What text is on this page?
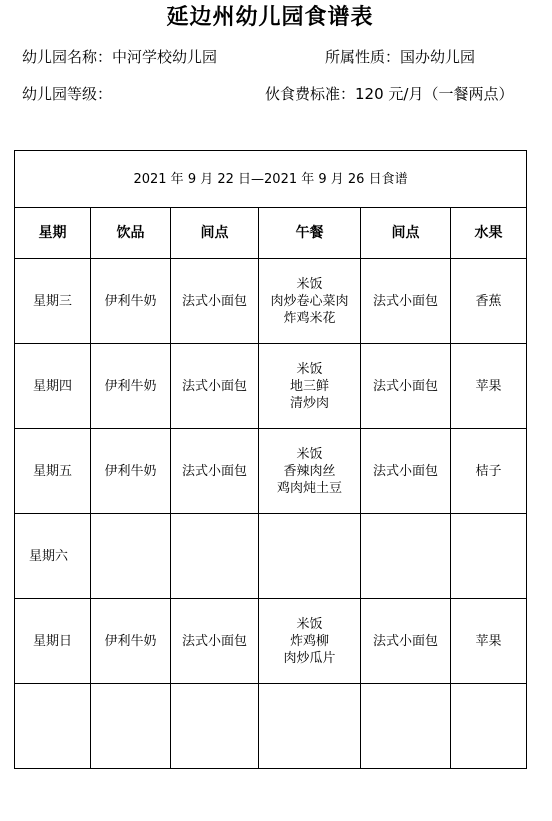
延边州幼儿园食谱表
幼儿园名称：中河学校幼儿园	所属性质：国办幼儿园
幼儿园等级：	伙食费标准：120 元/月（一餐两点）
2021 年 9 月 22 日—2021 年 9 月 26 日食谱					
星期	饮品	间点	午餐	间点	水果
星期三	伊利牛奶	法式小面包	米饭
肉炒卷心菜肉
炸鸡米花	法式小面包	香蕉
星期四	伊利牛奶	法式小面包	米饭
地三鲜
清炒肉	法式小面包	苹果
星期五	伊利牛奶	法式小面包	米饭
香辣肉丝
鸡肉炖土豆	法式小面包	桔子
星期六					
星期日	伊利牛奶	法式小面包	米饭
炸鸡柳
肉炒瓜片	法式小面包	苹果
